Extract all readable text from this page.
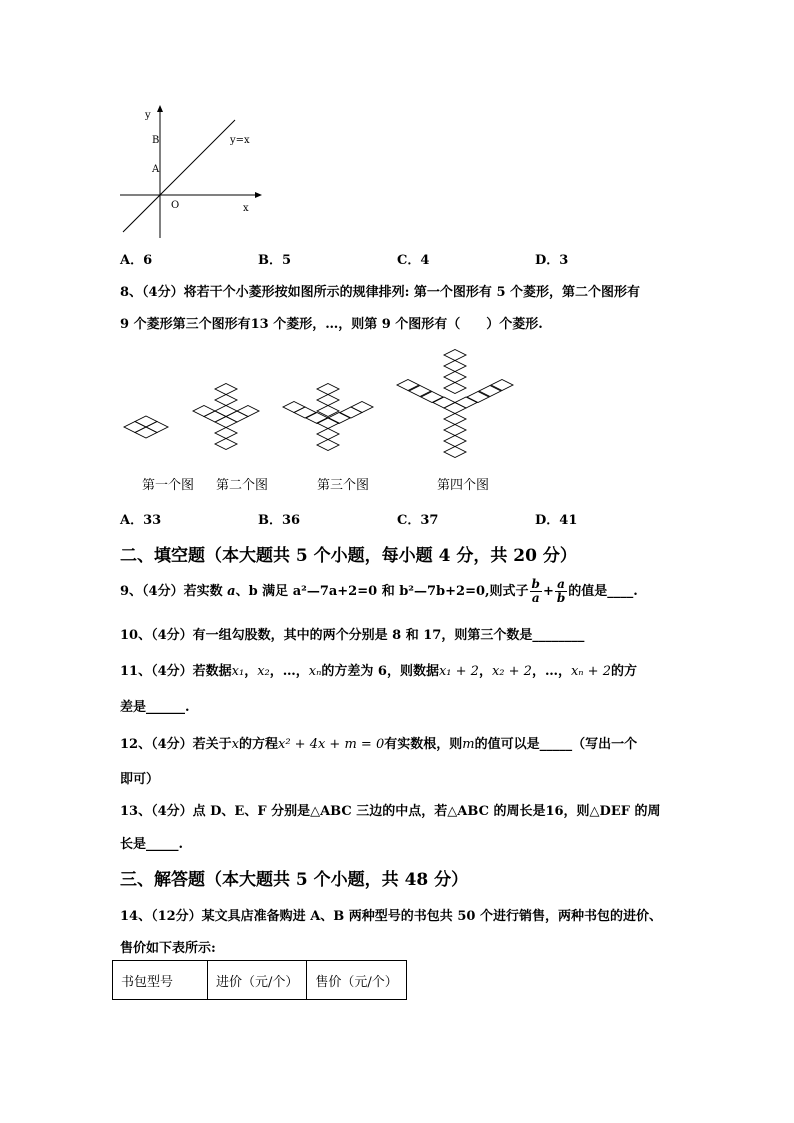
y
B
A
y=x
O	x
A．6	B．5	C．4	D．3
8、（4分）将若干个小菱形按如图所示的规律排列: 第一个图形有 5 个菱形，第二个图形有
9 个菱形第三个图形有13 个菱形，…，则第 9 个图形有（　　）个菱形.
第一个图 第二个图	第三个图	第四个图
A．33	B．36	C．37	D．41
二、填空题（本大题共 5 个小题，每小题 4 分，共 20 分）
9、（4分）若实数 a、b 满足 a²—7a+2=0 和 b²—7b+2=0,则式子 $\frac{b}{a} + \frac{a}{b}$ 的值是____.
10、（4分）有一组勾股数，其中的两个分别是 8 和 17，则第三个数是________
11、（4分）若数据x₁，x₂，…，xₙ的方差为 6，则数据x₁ + 2，x₂ + 2，…，xₙ + 2的方
差是______.
12、（4分）若关于x的方程x² + 4x + m = 0有实数根，则m的值可以是_____（写出一个
即可）
13、（4分）点 D、E、F 分别是△ABC 三边的中点，若△ABC 的周长是16，则△DEF 的周
长是_____.
三、解答题（本大题共 5 个小题，共 48 分）
14、（12分）某文具店准备购进 A、B 两种型号的书包共 50 个进行销售，两种书包的进价、
售价如下表所示:
书包型号	进价（元/个）	售价（元/个）
